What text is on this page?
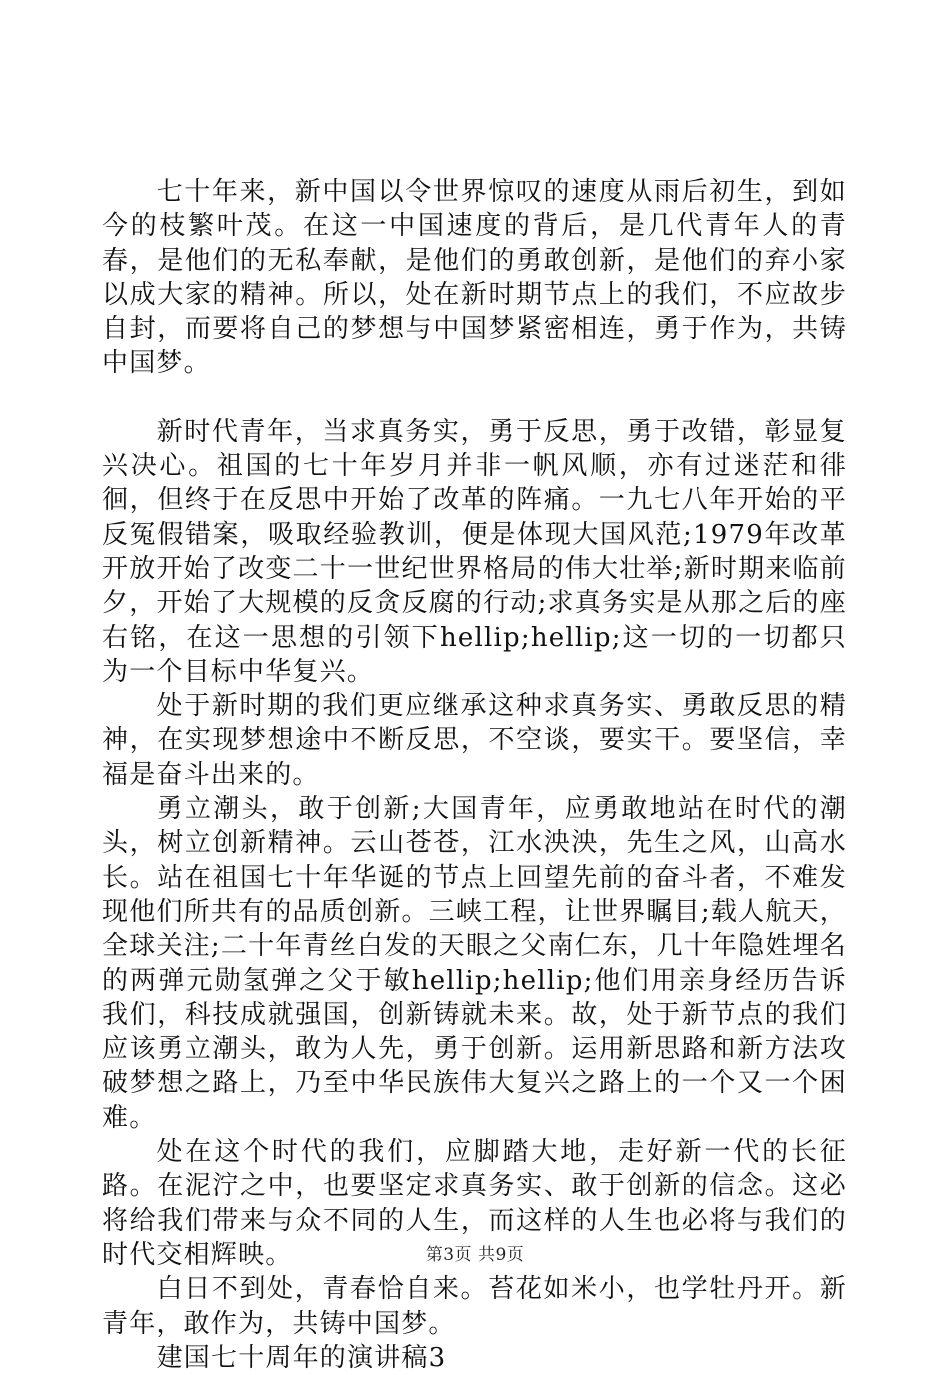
七十年来，新中国以令世界惊叹的速度从雨后初生，到如今的枝繁叶茂。在这一中国速度的背后，是几代青年人的青春，是他们的无私奉献，是他们的勇敢创新，是他们的弃小家以成大家的精神。所以，处在新时期节点上的我们，不应故步自封，而要将自己的梦想与中国梦紧密相连，勇于作为，共铸中国梦。

新时代青年，当求真务实，勇于反思，勇于改错，彰显复兴决心。祖国的七十年岁月并非一帆风顺，亦有过迷茫和徘徊，但终于在反思中开始了改革的阵痛。一九七八年开始的平反冤假错案，吸取经验教训，便是体现大国风范;1979年改革开放开始了改变二十一世纪世界格局的伟大壮举;新时期来临前夕，开始了大规模的反贪反腐的行动;求真务实是从那之后的座右铭，在这一思想的引领下hellip;hellip;这一切的一切都只为一个目标中华复兴。

处于新时期的我们更应继承这种求真务实、勇敢反思的精神，在实现梦想途中不断反思，不空谈，要实干。要坚信，幸福是奋斗出来的。

勇立潮头，敢于创新;大国青年，应勇敢地站在时代的潮头，树立创新精神。云山苍苍，江水泱泱，先生之风，山高水长。站在祖国七十年华诞的节点上回望先前的奋斗者，不难发现他们所共有的品质创新。三峡工程，让世界瞩目;载人航天，全球关注;二十年青丝白发的天眼之父南仁东，几十年隐姓埋名的两弹元勋氢弹之父于敏hellip;hellip;他们用亲身经历告诉我们，科技成就强国，创新铸就未来。故，处于新节点的我们应该勇立潮头，敢为人先，勇于创新。运用新思路和新方法攻破梦想之路上，乃至中华民族伟大复兴之路上的一个又一个困难。

处在这个时代的我们，应脚踏大地，走好新一代的长征路。在泥泞之中，也要坚定求真务实、敢于创新的信念。这必将给我们带来与众不同的人生，而这样的人生也必将与我们的时代交相辉映。

白日不到处，青春恰自来。苔花如米小，也学牡丹开。新青年，敢作为，共铸中国梦。

建国七十周年的演讲稿3

第3页 共9页
